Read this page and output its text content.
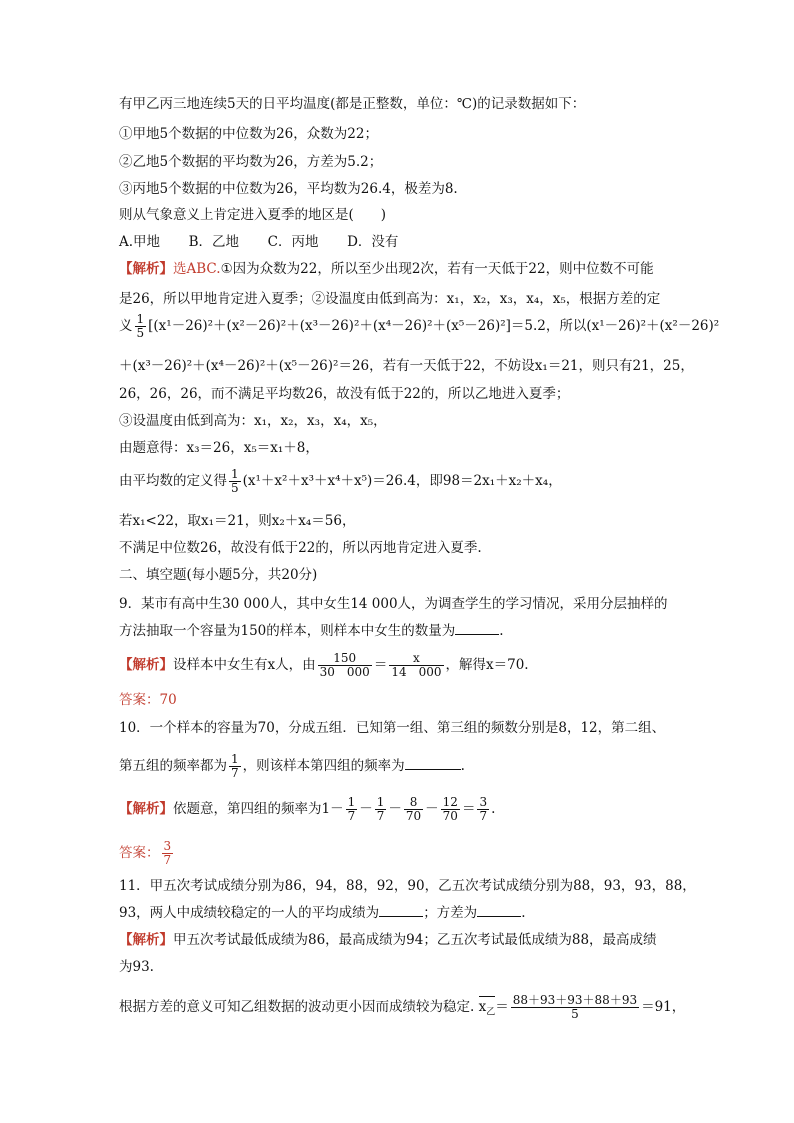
有甲乙丙三地连续5天的日平均温度(都是正整数，单位：℃)的记录数据如下：
①甲地5个数据的中位数为26，众数为22；
②乙地5个数据的平均数为26，方差为5.2；
③丙地5个数据的中位数为26，平均数为26.4，极差为8.
则从气象意义上肯定进入夏季的地区是(　　)
A.甲地 B．乙地 C．丙地 D．没有
【解析】选ABC.①因为众数为22，所以至少出现2次，若有一天低于22，则中位数不可能
是26，所以甲地肯定进入夏季；②设温度由低到高为：x₁，x₂，x₃，x₄，x₅，根据方差的定
义 $\frac{1}{5} [(x^1-26)^2+(x^2-26)^2+(x^3-26)^2+(x^4-26)^2+(x^5-26)^2]=5.2$，所以(x¹－26)²＋(x²－26)²
＋(x³－26)²＋(x⁴－26)²＋(x⁵－26)²＝26，若有一天低于22，不妨设x₁＝21，则只有21，25，
26，26，26，而不满足平均数26，故没有低于22的，所以乙地进入夏季；
③设温度由低到高为：x₁，x₂，x₃，x₄，x₅，
由题意得：x₃＝26，x₅＝x₁＋8，
由平均数的定义得 $\frac{1}{5} (x^1+x^2+x^3+x^4+x^5)=26.4$，即98＝2x₁＋x₂＋x₄，
若x₁<22，取x₁＝21，则x₂＋x₄＝56，
不满足中位数26，故没有低于22的，所以丙地肯定进入夏季.
二、填空题(每小题5分，共20分)
9．某市有高中生30 000人，其中女生14 000人，为调查学生的学习情况，采用分层抽样的
方法抽取一个容量为150的样本，则样本中女生的数量为	.
【解析】设样本中女生有x人，由 $\frac{150}{30 000} = \frac{x}{14 000}$ ，解得x＝70.
答案：70
10．一个样本的容量为70，分成五组．已知第一组、第三组的频数分别是8，12，第二组、
第五组的频率都为 $\frac{1}{7}$ ，则该样本第四组的频率为	.
【解析】依题意，第四组的频率为$1- \frac{1}{7} - \frac{1}{7} - \frac{8}{70} - \frac{12}{70} = \frac{3}{7}$ .
答案： $\frac{3}{7}$
11．甲五次考试成绩分别为86，94，88，92，90，乙五次考试成绩分别为88，93，93，88，
93，两人中成绩较稳定的一人的平均成绩为	；方差为	.
【解析】甲五次考试最低成绩为86，最高成绩为94；乙五次考试最低成绩为88，最高成绩
为93.
根据方差的意义可知乙组数据的波动更小因而成绩较为稳定. $x_乙= \frac{88+93+93+88+93}{5} =91$，
